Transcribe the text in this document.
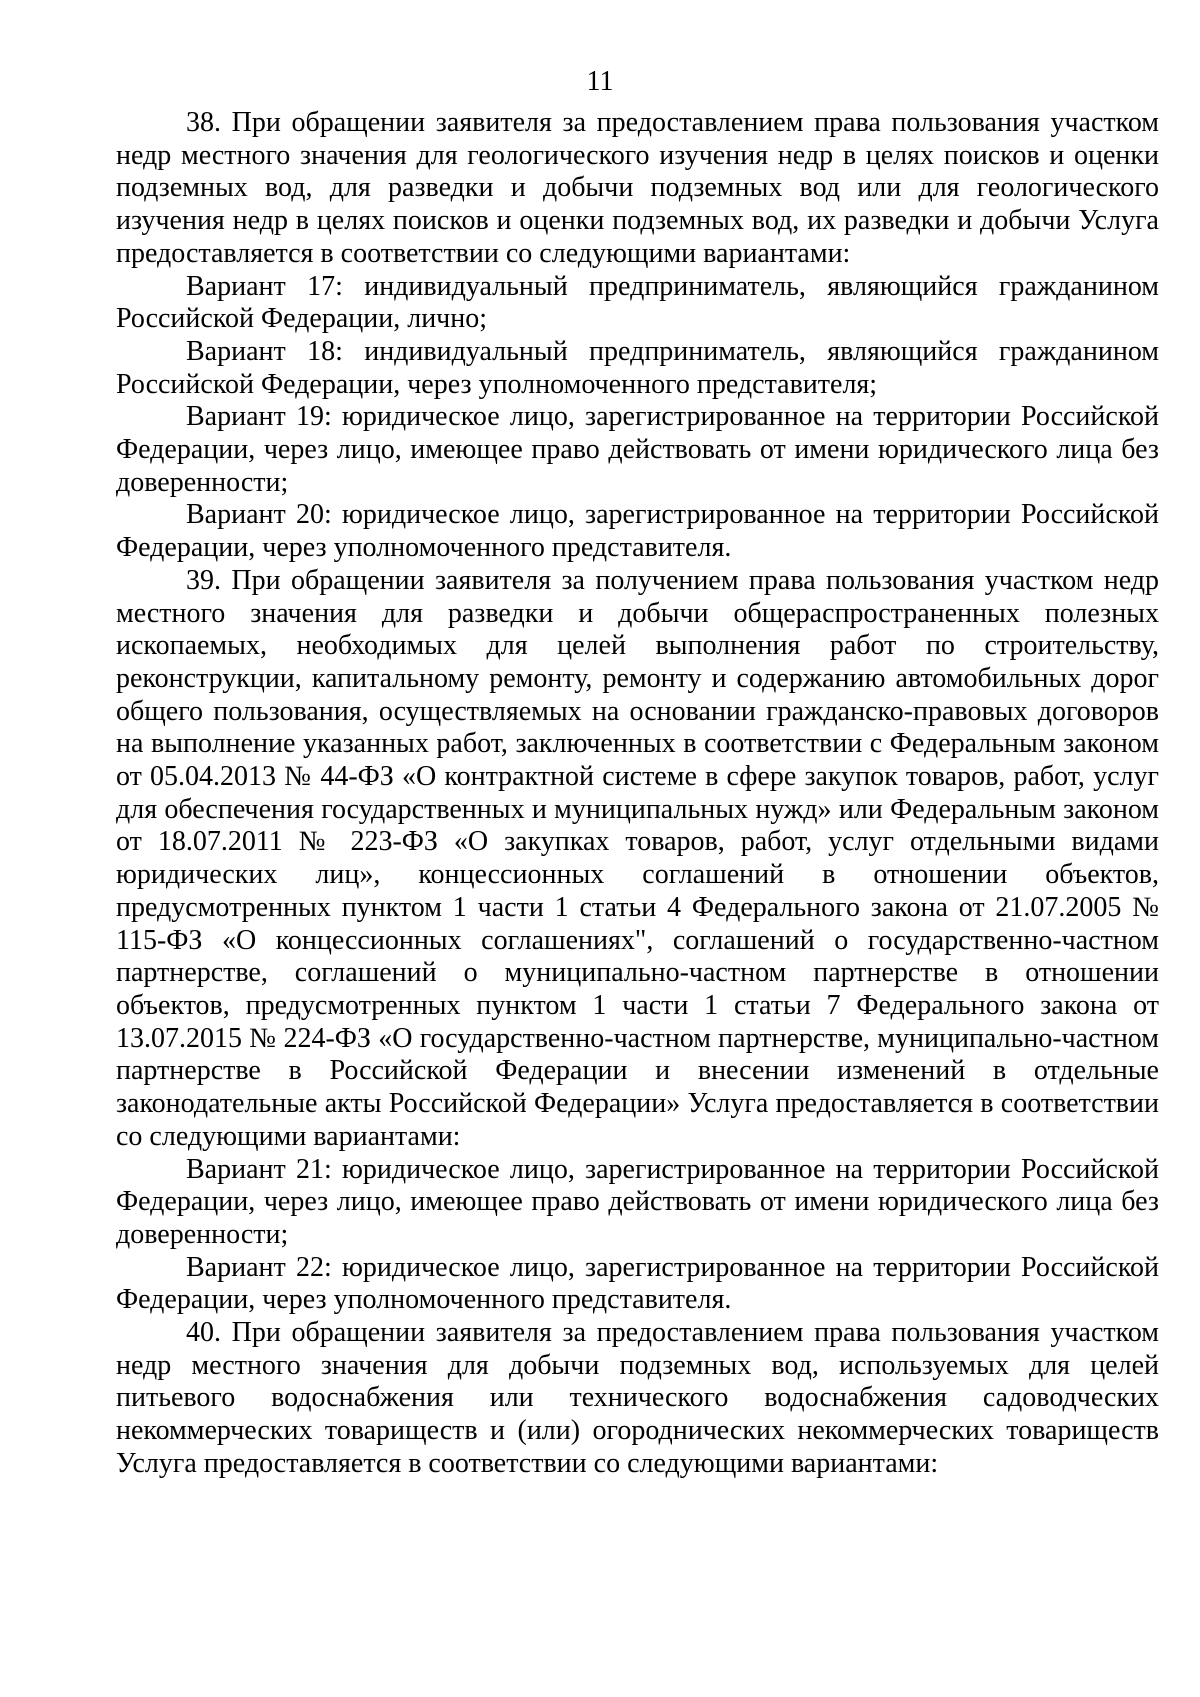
11

38. При обращении заявителя за предоставлением права пользования участком недр местного значения для геологического изучения недр в целях поисков и оценки подземных вод, для разведки и добычи подземных вод или для геологического изучения недр в целях поисков и оценки подземных вод, их разведки и добычи Услуга предоставляется в соответствии со следующими вариантами:

Вариант 17: индивидуальный предприниматель, являющийся гражданином Российской Федерации, лично;

Вариант 18: индивидуальный предприниматель, являющийся гражданином Российской Федерации, через уполномоченного представителя;

Вариант 19: юридическое лицо, зарегистрированное на территории Российской Федерации, через лицо, имеющее право действовать от имени юридического лица без доверенности;

Вариант 20: юридическое лицо, зарегистрированное на территории Российской Федерации, через уполномоченного представителя.

39. При обращении заявителя за получением права пользования участком недр местного значения для разведки и добычи общераспространенных полезных ископаемых, необходимых для целей выполнения работ по строительству, реконструкции, капитальному ремонту, ремонту и содержанию автомобильных дорог общего пользования, осуществляемых на основании гражданско-правовых договоров на выполнение указанных работ, заключенных в соответствии с Федеральным законом от 05.04.2013 № 44-ФЗ «О контрактной системе в сфере закупок товаров, работ, услуг для обеспечения государственных и муниципальных нужд» или Федеральным законом от 18.07.2011 № 223-ФЗ «О закупках товаров, работ, услуг отдельными видами юридических лиц», концессионных соглашений в отношении объектов, предусмотренных пунктом 1 части 1 статьи 4 Федерального закона от 21.07.2005 № 115-ФЗ «О концессионных соглашениях", соглашений о государственно-частном партнерстве, соглашений о муниципально-частном партнерстве в отношении объектов, предусмотренных пунктом 1 части 1 статьи 7 Федерального закона от 13.07.2015 № 224-ФЗ «О государственно-частном партнерстве, муниципально-частном партнерстве в Российской Федерации и внесении изменений в отдельные законодательные акты Российской Федерации» Услуга предоставляется в соответствии со следующими вариантами:

Вариант 21: юридическое лицо, зарегистрированное на территории Российской Федерации, через лицо, имеющее право действовать от имени юридического лица без доверенности;

Вариант 22: юридическое лицо, зарегистрированное на территории Российской Федерации, через уполномоченного представителя.

40. При обращении заявителя за предоставлением права пользования участком недр местного значения для добычи подземных вод, используемых для целей питьевого водоснабжения или технического водоснабжения садоводческих некоммерческих товариществ и (или) огороднических некоммерческих товариществ Услуга предоставляется в соответствии со следующими вариантами:
